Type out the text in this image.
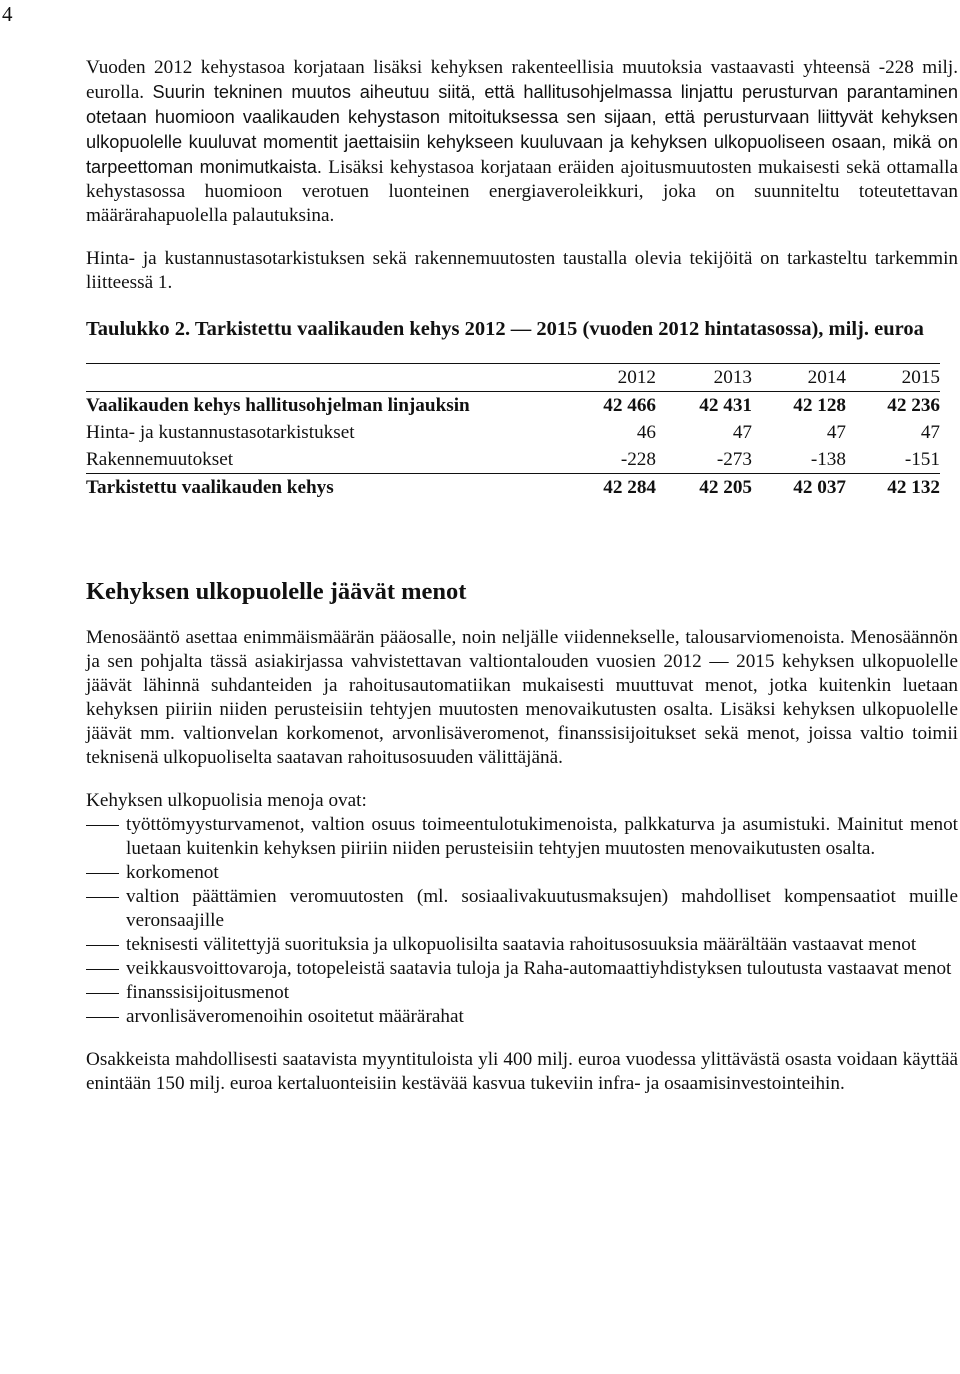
4

Vuoden 2012 kehystasoa korjataan lisäksi kehyksen rakenteellisia muutoksia vastaavasti yhteensä -228 milj. eurolla. Suurin tekninen muutos aiheutuu siitä, että hallitusohjelmassa linjattu perusturvan parantaminen otetaan huomioon vaalikauden kehystason mitoituksessa sen sijaan, että perusturvaan liittyvät kehyksen ulkopuolelle kuuluvat momentit jaettaisiin kehykseen kuuluvaan ja kehyksen ulkopuoliseen osaan, mikä on tarpeettoman monimutkaista. Lisäksi kehystasoa korjataan eräiden ajoitusmuutosten mukaisesti sekä ottamalla kehystasossa huomioon verotuen luonteinen energiaveroleikkuri, joka on suunniteltu toteutettavan määrärahapuolella palautuksina.

Hinta- ja kustannustasotarkistuksen sekä rakennemuutosten taustalla olevia tekijöitä on tarkasteltu tarkemmin liitteessä 1.

Taulukko 2. Tarkistettu vaalikauden kehys 2012 — 2015 (vuoden 2012 hintatasossa), milj. euroa

	2012	2013	2014	2015
Vaalikauden kehys hallitusohjelman linjauksin	42 466	42 431	42 128	42 236
Hinta- ja kustannustasotarkistukset	46	47	47	47
Rakennemuutokset	-228	-273	-138	-151
Tarkistettu vaalikauden kehys	42 284	42 205	42 037	42 132
Kehyksen ulkopuolelle jäävät menot

Menosääntö asettaa enimmäismäärän pääosalle, noin neljälle viidennekselle, talousarviomenoista. Menosäännön ja sen pohjalta tässä asiakirjassa vahvistettavan valtiontalouden vuosien 2012 — 2015 kehyksen ulkopuolelle jäävät lähinnä suhdanteiden ja rahoitusautomatiikan mukaisesti muuttuvat menot, jotka kuitenkin luetaan kehyksen piiriin niiden perusteisiin tehtyjen muutosten menovaikutusten osalta. Lisäksi kehyksen ulkopuolelle jäävät mm. valtionvelan korkomenot, arvonlisäveromenot, finanssisijoitukset sekä menot, joissa valtio toimii teknisenä ulkopuoliselta saatavan rahoitusosuuden välittäjänä.

Kehyksen ulkopuolisia menoja ovat:

työttömyysturvamenot, valtion osuus toimeentulotukimenoista, palkkaturva ja asumistuki. Mainitut menot luetaan kuitenkin kehyksen piiriin niiden perusteisiin tehtyjen muutosten menovaikutusten osalta.
korkomenot
valtion päättämien veromuutosten (ml. sosiaalivakuutusmaksujen) mahdolliset kompensaatiot muille veronsaajille
teknisesti välitettyjä suorituksia ja ulkopuolisilta saatavia rahoitusosuuksia määrältään vastaavat menot
veikkausvoittovaroja, totopeleistä saatavia tuloja ja Raha-automaattiyhdistyksen tuloutusta vastaavat menot
finanssisijoitusmenot
arvonlisäveromenoihin osoitetut määrärahat

Osakkeista mahdollisesti saatavista myyntituloista yli 400 milj. euroa vuodessa ylittävästä osasta voidaan käyttää enintään 150 milj. euroa kertaluonteisiin kestävää kasvua tukeviin infra- ja osaamisinvestointeihin.
